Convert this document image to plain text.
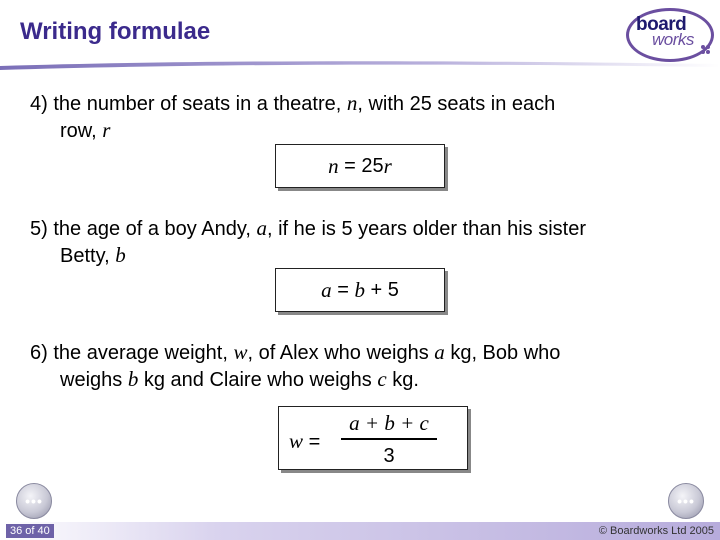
Writing formulae	board
works
4) the number of seats in a theatre, n, with 25 seats in each
row, r
n = 25 r
5) the age of a boy Andy, a, if he is 5 years older than his sister
Betty, b
a = b + 5
6) the average weight, w, of Alex who weighs a kg, Bob who
weighs b kg and Claire who weighs c kg.
w =
a + b + c
3
•••	•••
36 of 40	© Boardworks Ltd 2005
